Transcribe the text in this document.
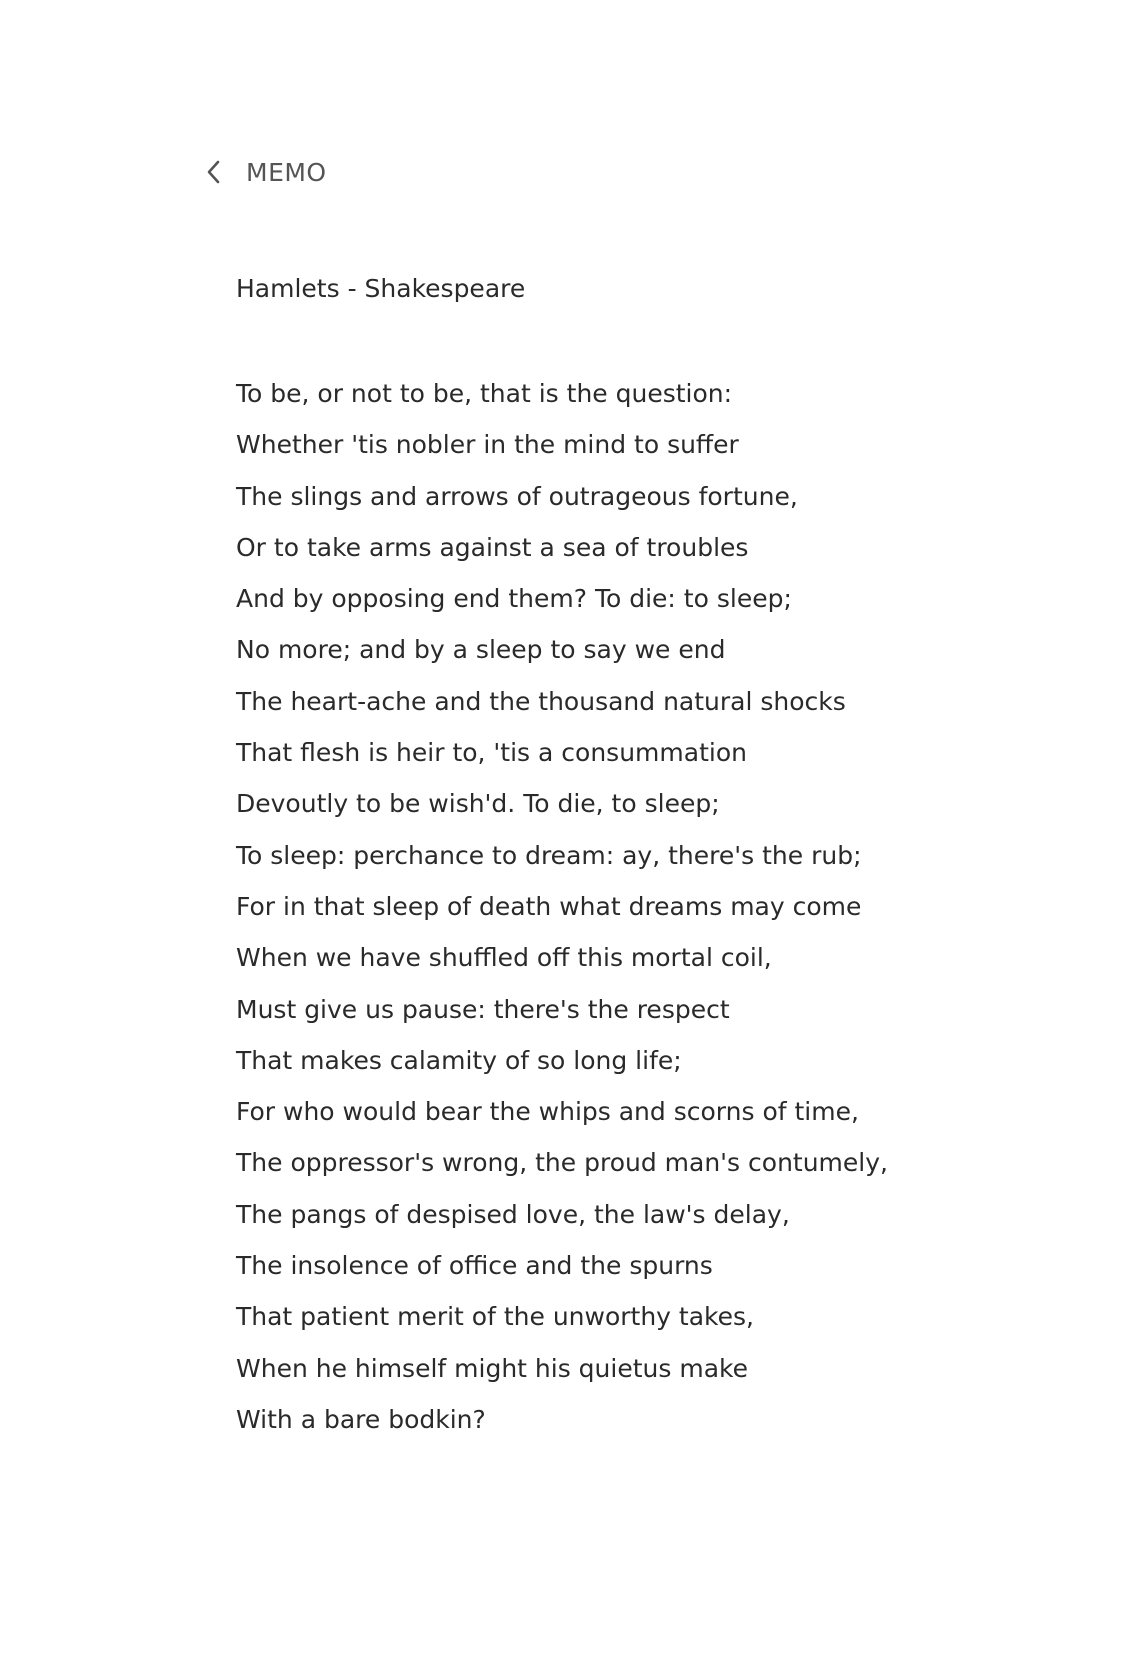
MEMO
Hamlets - Shakespeare
To be, or not to be, that is the question:
Whether 'tis nobler in the mind to suffer
The slings and arrows of outrageous fortune,
Or to take arms against a sea of troubles
And by opposing end them? To die: to sleep;
No more; and by a sleep to say we end
The heart-ache and the thousand natural shocks
That flesh is heir to, 'tis a consummation
Devoutly to be wish'd. To die, to sleep;
To sleep: perchance to dream: ay, there's the rub;
For in that sleep of death what dreams may come
When we have shuffled off this mortal coil,
Must give us pause: there's the respect
That makes calamity of so long life;
For who would bear the whips and scorns of time,
The oppressor's wrong, the proud man's contumely,
The pangs of despised love, the law's delay,
The insolence of office and the spurns
That patient merit of the unworthy takes,
When he himself might his quietus make
With a bare bodkin?
